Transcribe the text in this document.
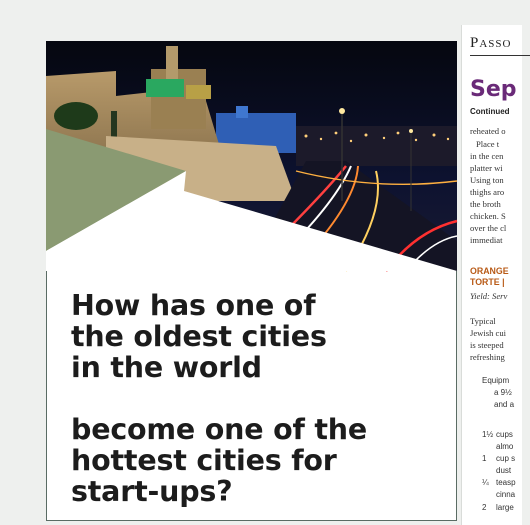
How has one of
the oldest cities
in the world
become one of the
hottest cities for
start-ups?
Passo
Sep
Continued
reheated o
Place t
in the cen
platter wi
Using ton
thighs aro
the broth
chicken. S
over the cl
immediat
ORANGE
TORTE |
Yield: Serv
Typical
Jewish cui
is steeped
refreshing
Equipm
a 9½
and a
1½ cups
almo
1 cup s
dust
¼ teasp
cinna
2 large
